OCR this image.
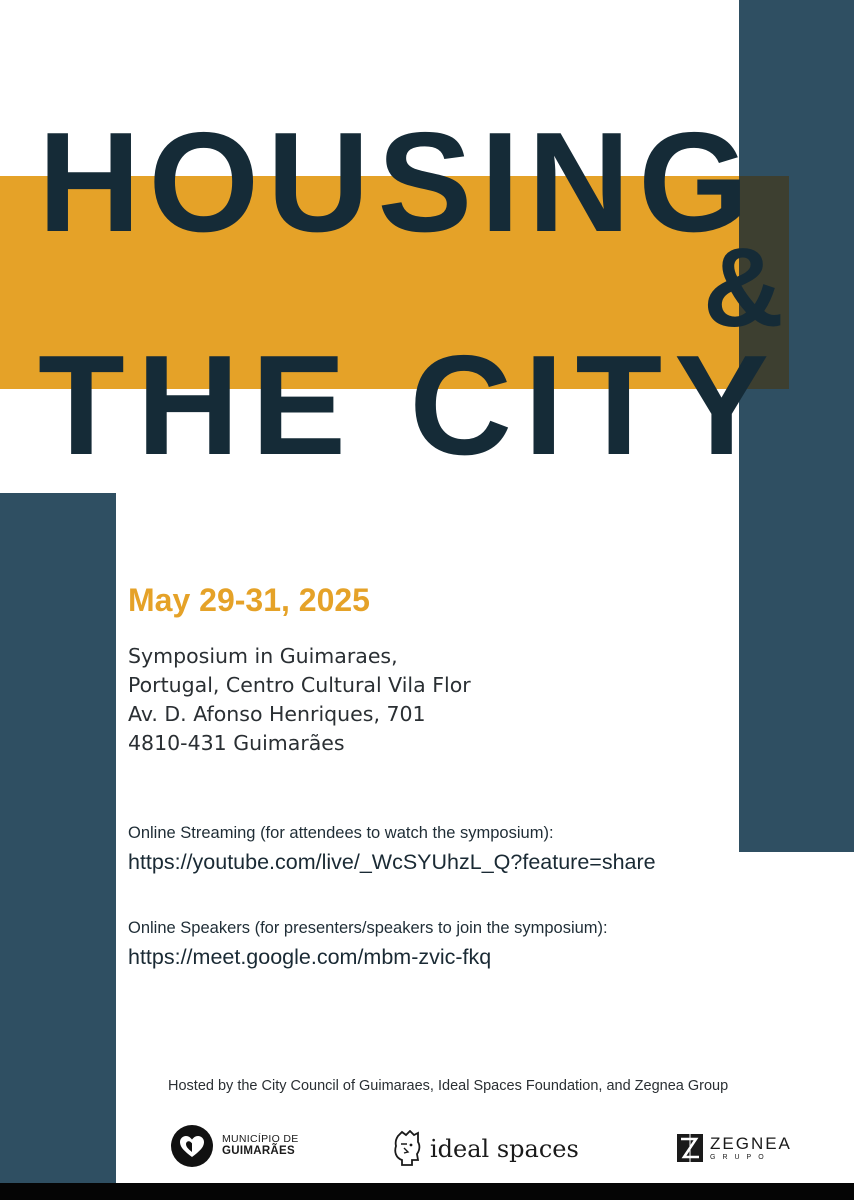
HOUSING
&
THE CITY
May 29-31, 2025
Symposium in Guimaraes,
Portugal, Centro Cultural Vila Flor
Av. D. Afonso Henriques, 701
4810-431 Guimarães
Online Streaming (for attendees to watch the symposium):
https://youtube.com/live/_WcSYUhzL_Q?feature=share
Online Speakers (for presenters/speakers to join the symposium):
https://meet.google.com/mbm-zvic-fkq
Hosted by the City Council of Guimaraes, Ideal Spaces Foundation, and Zegnea Group
MUNICÍPIO DE
GUIMARÃES	ideal spaces	ZEGNEA
GRUPO
